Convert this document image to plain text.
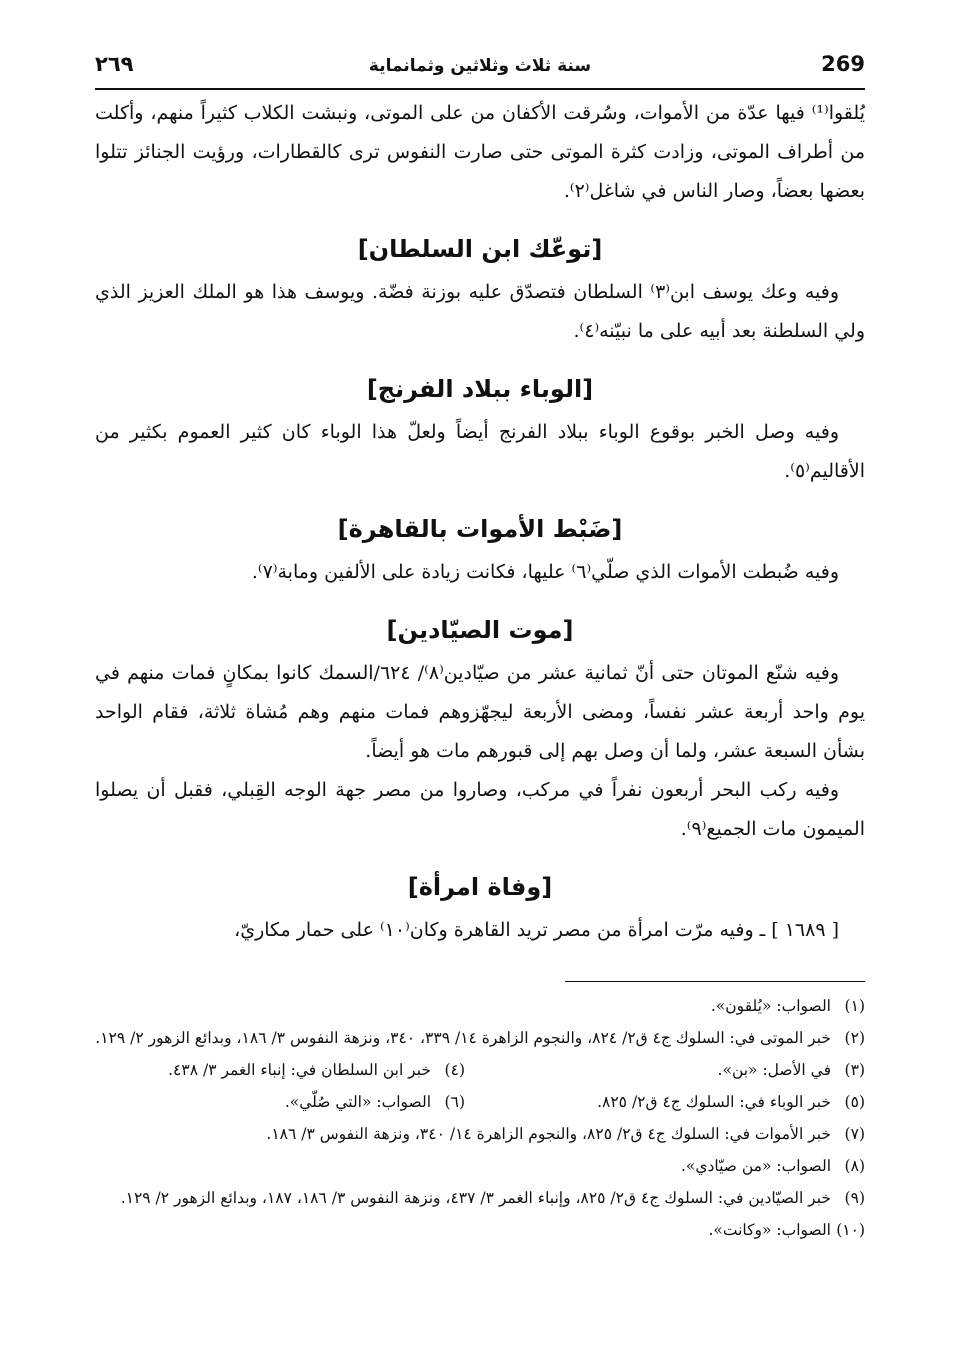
269
سنة ثلاث وثلاثين وثمانماية
٢٦٩

يُلقوا⁽¹⁾ فيها عدّة من الأموات، وسُرقت الأكفان من على الموتى، ونبشت الكلاب كثيراً منهم، وأكلت من أطراف الموتى، وزادت كثرة الموتى حتى صارت النفوس ترى كالقطارات، ورؤيت الجنائز تتلوا بعضها بعضاً، وصار الناس في شاغل⁽٢⁾.

[توعّك ابن السلطان]

وفيه وعك يوسف ابن⁽٣⁾ السلطان فتصدّق عليه بوزنة فضّة. ويوسف هذا هو الملك العزيز الذي ولي السلطنة بعد أبيه على ما نبيّنه⁽٤⁾.

[الوباء ببلاد الفرنج]

وفيه وصل الخبر بوقوع الوباء ببلاد الفرنج أيضاً ولعلّ هذا الوباء كان كثير العموم بكثير من الأقاليم⁽٥⁾.

[ضَبْط الأموات بالقاهرة]

وفيه ضُبطت الأموات الذي صلّي⁽٦⁾ عليها، فكانت زيادة على الألفين ومابة⁽٧⁾.

[موت الصيّادين]

وفيه شنّع الموتان حتى أنّ ثمانية عشر من صيّادين⁽٨⁾/ ٦٢٤/السمك كانوا بمكانٍ فمات منهم في يوم واحد أربعة عشر نفساً، ومضى الأربعة ليجهّزوهم فمات منهم وهم مُشاة ثلاثة، فقام الواحد بشأن السبعة عشر، ولما أن وصل بهم إلى قبورهم مات هو أيضاً.

وفيه ركب البحر أربعون نفراً في مركب، وصاروا من مصر جهة الوجه القِبلي، فقبل أن يصلوا الميمون مات الجميع⁽٩⁾.

[وفاة امرأة]

[ ١٦٨٩ ] ـ وفيه مرّت امرأة من مصر تريد القاهرة وكان⁽١٠⁾ على حمار مكاريّ،

(١)
الصواب: «يُلقون».
(٢)
خبر الموتى في: السلوك ج٤ ق٢/ ٨٢٤، والنجوم الزاهرة ١٤/ ٣٣٩، ٣٤٠، ونزهة النفوس ٣/ ١٨٦، وبدائع الزهور ٢/ ١٢٩.
(٣)
في الأصل: «بن».
(٤)
خبر ابن السلطان في: إنباء الغمر ٣/ ٤٣٨.
(٥)
خبر الوباء في: السلوك ج٤ ق٢/ ٨٢٥.
(٦)
الصواب: «التي صُلّي».
(٧)
خبر الأموات في: السلوك ج٤ ق٢/ ٨٢٥، والنجوم الزاهرة ١٤/ ٣٤٠، ونزهة النفوس ٣/ ١٨٦.
(٨)
الصواب: «من صيّادي».
(٩)
خبر الصيّادين في: السلوك ج٤ ق٢/ ٨٢٥، وإنباء الغمر ٣/ ٤٣٧، ونزهة النفوس ٣/ ١٨٦، ١٨٧، وبدائع الزهور ٢/ ١٢٩.
(١٠)
الصواب: «وكانت».
